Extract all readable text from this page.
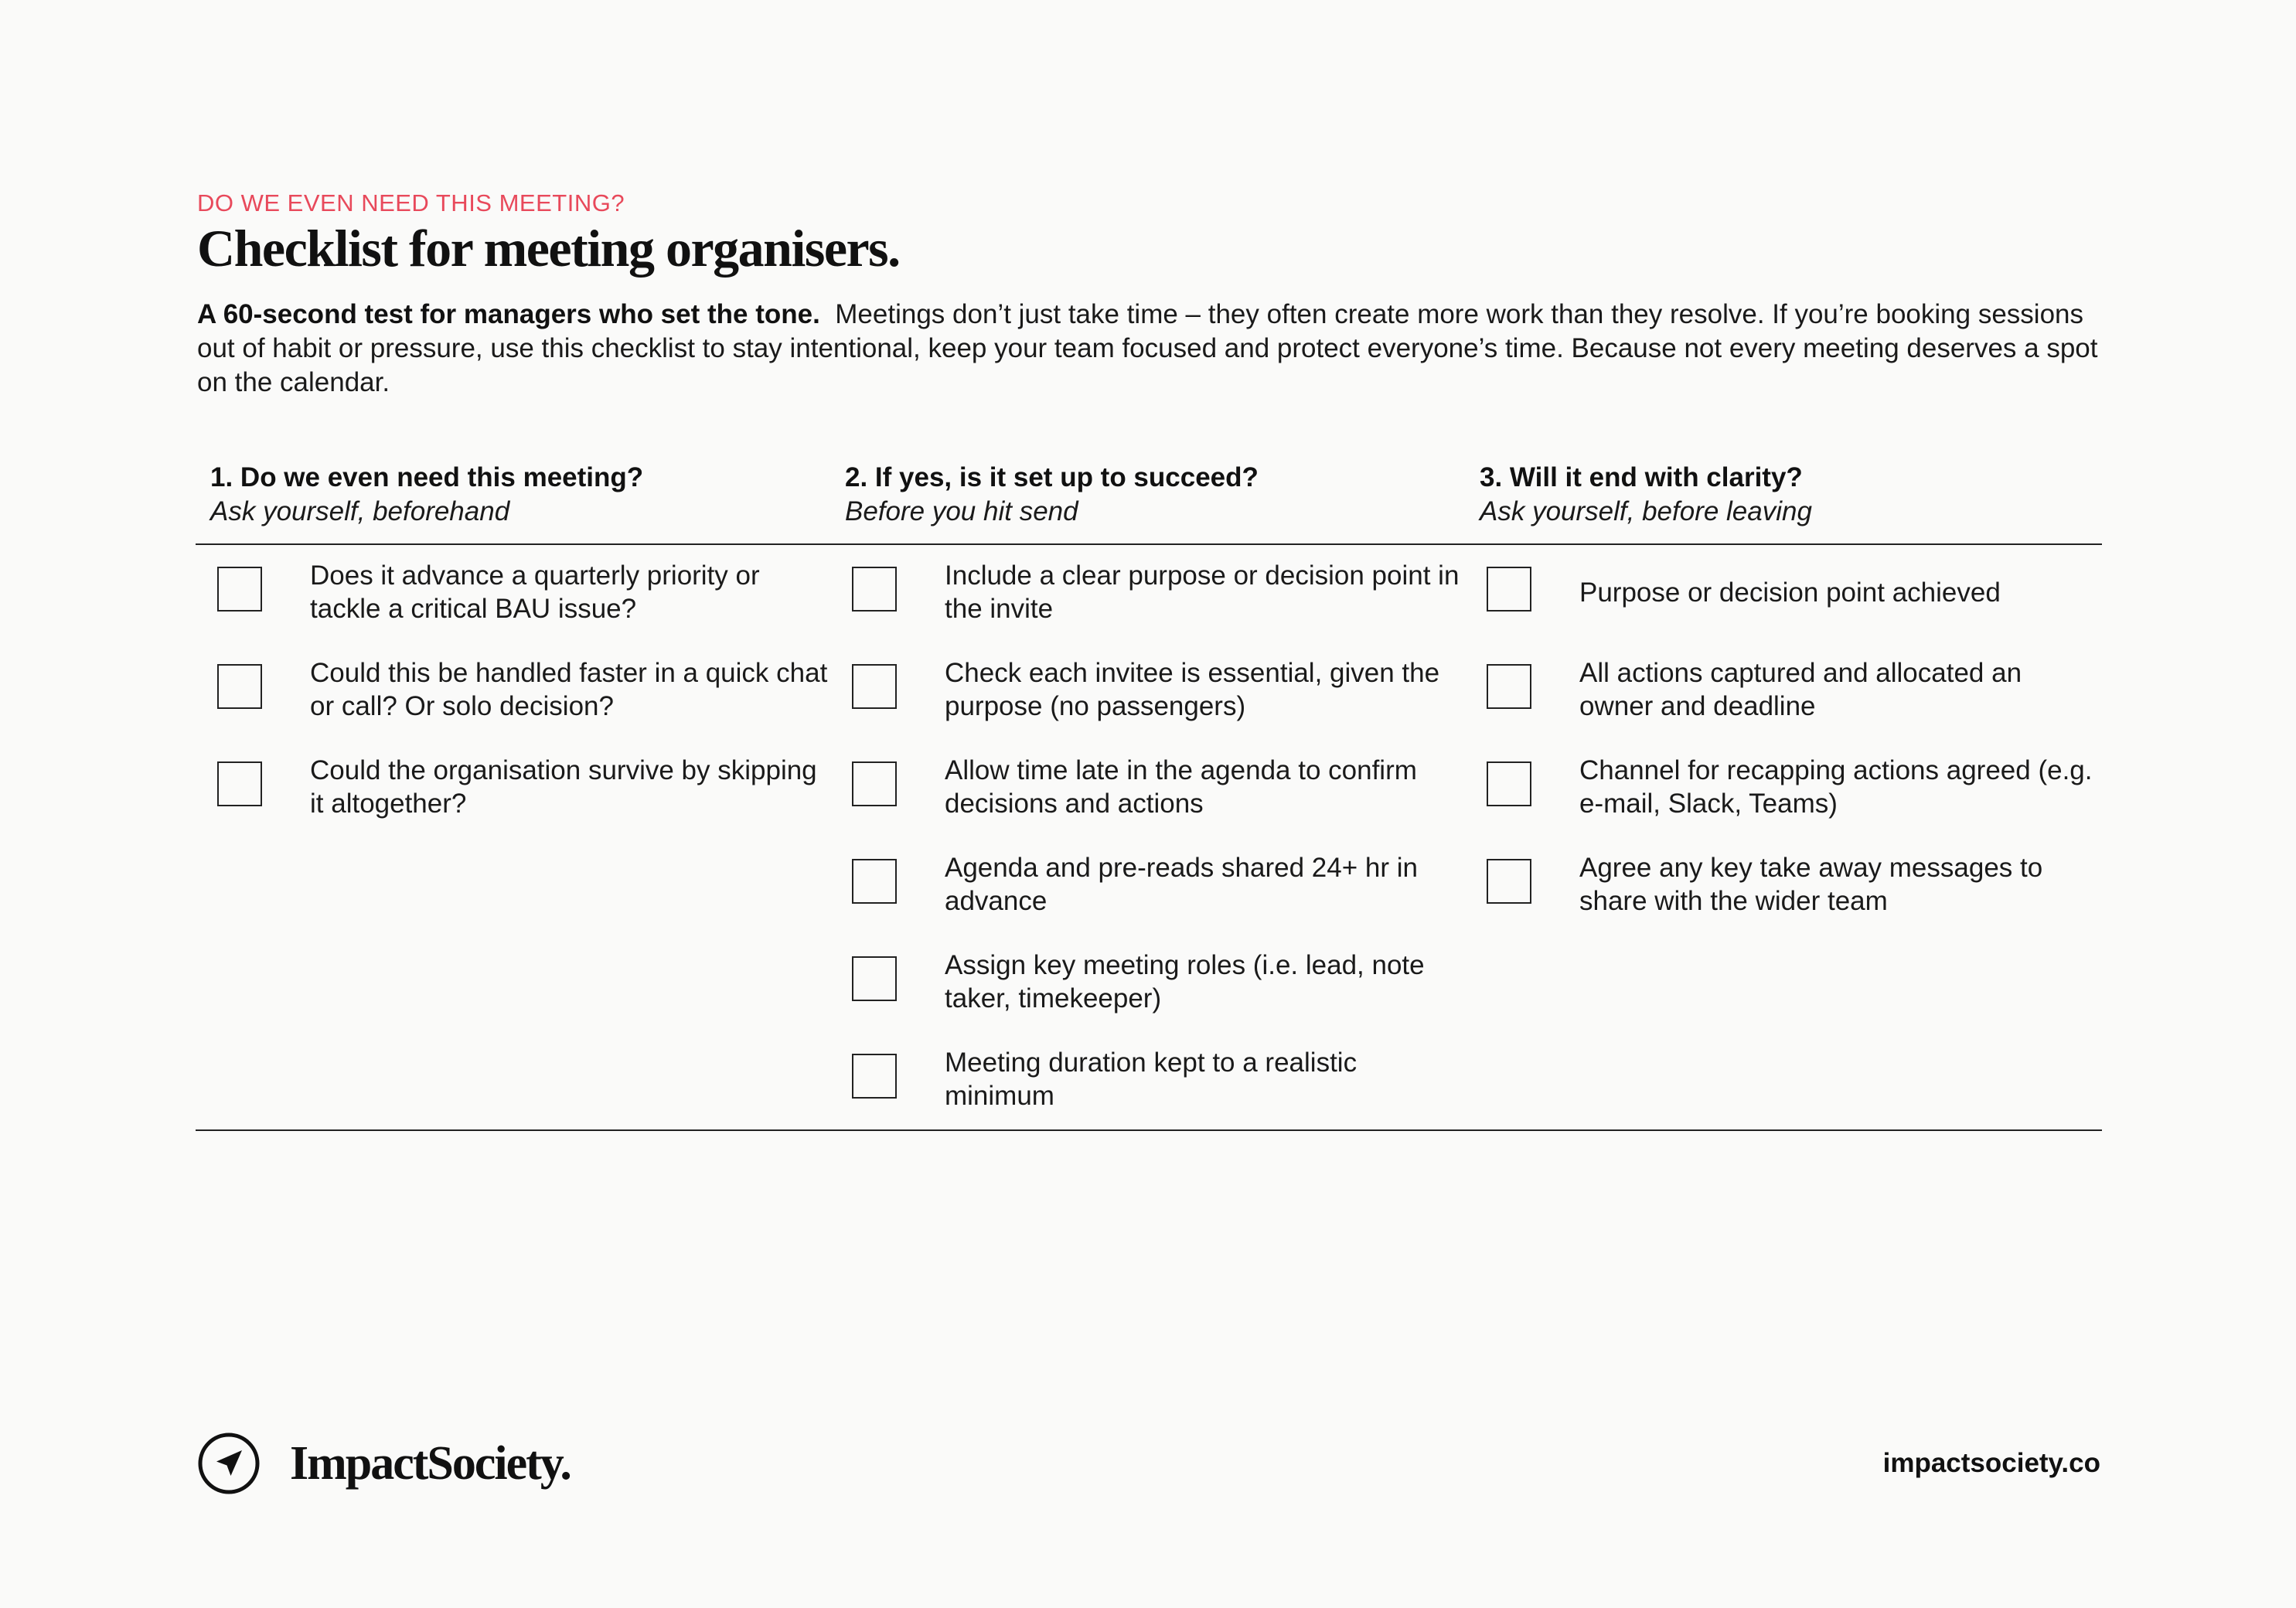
DO WE EVEN NEED THIS MEETING?
Checklist for meeting organisers.
A 60-second test for managers who set the tone. Meetings don’t just take time – they often create more work than they resolve. If you’re booking sessions out of habit or pressure, use this checklist to stay intentional, keep your team focused and protect everyone’s time. Because not every meeting deserves a spot on the calendar.
1. Do we even need this meeting?
Ask yourself, beforehand
Does it advance a quarterly priority or tackle a critical BAU issue?
Could this be handled faster in a quick chat or call? Or solo decision?
Could the organisation survive by skipping it altogether?
2. If yes, is it set up to succeed?
Before you hit send
Include a clear purpose or decision point in the invite
Check each invitee is essential, given the purpose (no passengers)
Allow time late in the agenda to confirm decisions and actions
Agenda and pre-reads shared 24+ hr in advance
Assign key meeting roles (i.e. lead, note taker, timekeeper)
Meeting duration kept to a realistic minimum
3. Will it end with clarity?
Ask yourself, before leaving
Purpose or decision point achieved
All actions captured and allocated an owner and deadline
Channel for recapping actions agreed (e.g. e-mail, Slack, Teams)
Agree any key take away messages to share with the wider team
ImpactSociety.	impactsociety.co
